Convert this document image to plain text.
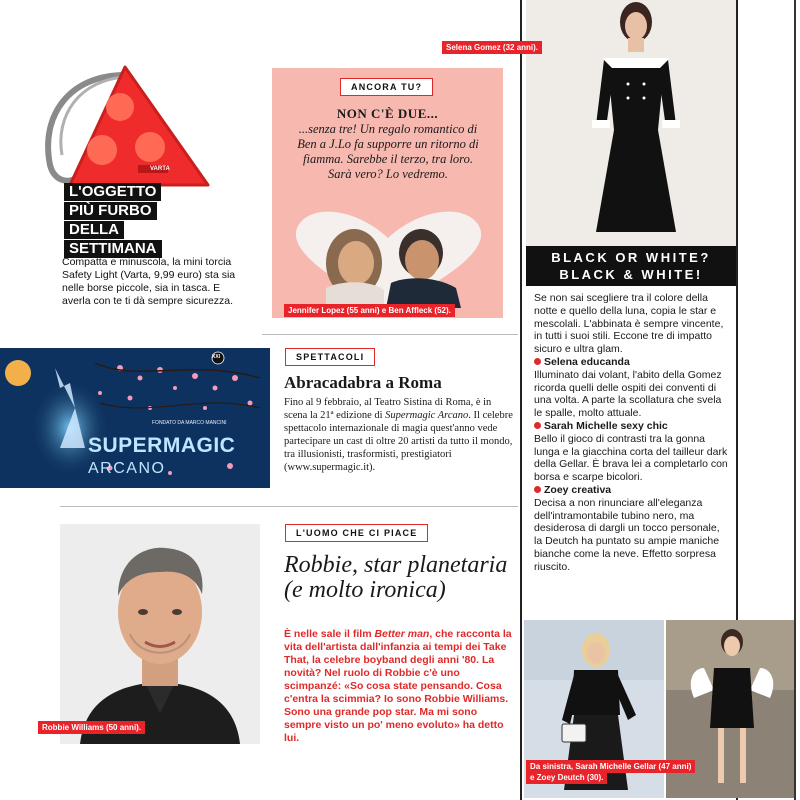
VARTA
L'OGGETTO
PIÙ FURBO
DELLA
SETTIMANA

Compatta e minuscola, la mini torcia Safety Light (Varta, 9,99 euro) sta sia nelle borse piccole, sia in tasca. E averla con te ti dà sempre sicurezza.

ANCORA TU?
NON C'È DUE...

...senza tre! Un regalo romantico di Ben a J.Lo fa supporre un ritorno di fiamma. Sarebbe il terzo, tra loro. Sarà vero? Lo vedremo.

Jennifer Lopez (55 anni) e Ben Affleck (52).
XXI
FONDATO DA MARCO MANCINI
SUPERMAGIC
ARCANO
SPETTACOLI
Abracadabra a Roma

Fino al 9 febbraio, al Teatro Sistina di Roma, è in scena la 21ª edizione di Supermagic Arcano. Il celebre spettacolo internazionale di magia quest'anno vede partecipare un cast di oltre 20 artisti da tutto il mondo, tra illusionisti, trasformisti, prestigiatori (www.supermagic.it).

Robbie Williams (50 anni).
L'UOMO CHE CI PIACE
Robbie, star planetaria (e molto ironica)

È nelle sale il film Better man, che racconta la vita dell'artista dall'infanzia ai tempi dei Take That, la celebre boyband degli anni '80. La novità? Nel ruolo di Robbie c'è uno scimpanzé: «So cosa state pensando. Cosa c'entra la scimmia? Io sono Robbie Williams. Sono una grande pop star. Ma mi sono sempre visto un po' meno evoluto» ha detto lui.

Selena Gomez (32 anni).
BLACK OR WHITE?
BLACK & WHITE!

Se non sai scegliere tra il colore della notte e quello della luna, copia le star e mescolali. L'abbinata è sempre vincente, in tutti i suoi stili. Eccone tre di impatto sicuro e ultra glam.

Selena educanda

Illuminato dai volant, l'abito della Gomez ricorda quelli delle ospiti dei conventi di una volta. A parte la scollatura che svela le spalle, molto attuale.

Sarah Michelle sexy chic

Bello il gioco di contrasti tra la gonna lunga e la giacchina corta del tailleur dark della Gellar. È brava lei a completarlo con borsa e scarpe bicolori.

Zoey creativa

Decisa a non rinunciare all'eleganza dell'intramontabile tubino nero, ma desiderosa di dargli un tocco personale, la Deutch ha puntato su ampie maniche bianche come la neve. Effetto sorpresa riuscito.

Da sinistra, Sarah Michelle Gellar (47 anni)
e Zoey Deutch (30).
